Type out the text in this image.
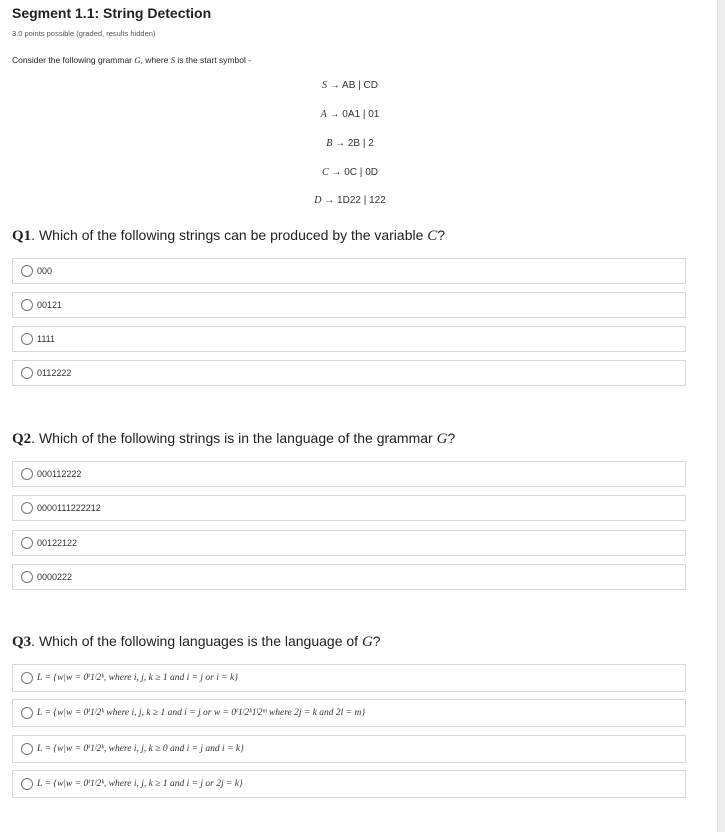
Segment 1.1: String Detection
3.0 points possible (graded, results hidden)
Consider the following grammar G, where S is the start symbol -
S → AB | CD
A → 0A1 | 01
B → 2B | 2
C → 0C | 0D
D → 1D22 | 122
Q1. Which of the following strings can be produced by the variable C?
000
00121
1111
0112222
Q2. Which of the following strings is in the language of the grammar G?
000112222
0000111222212
00122122
0000222
Q3. Which of the following languages is the language of G?
L = {w|w = 0ⁱ1ʲ2ᵏ, where i, j, k ≥ 1 and i = j or i = k}
L = {w|w = 0ⁱ1ʲ2ᵏ where i, j, k ≥ 1 and i = j or w = 0ⁱ1ʲ2ᵏ1ˡ2ᵐ where 2j = k and 2l = m}
L = {w|w = 0ⁱ1ʲ2ᵏ, where i, j, k ≥ 0 and i = j and i = k}
L = {w|w = 0ⁱ1ʲ2ᵏ, where i, j, k ≥ 1 and i = j or 2j = k}
